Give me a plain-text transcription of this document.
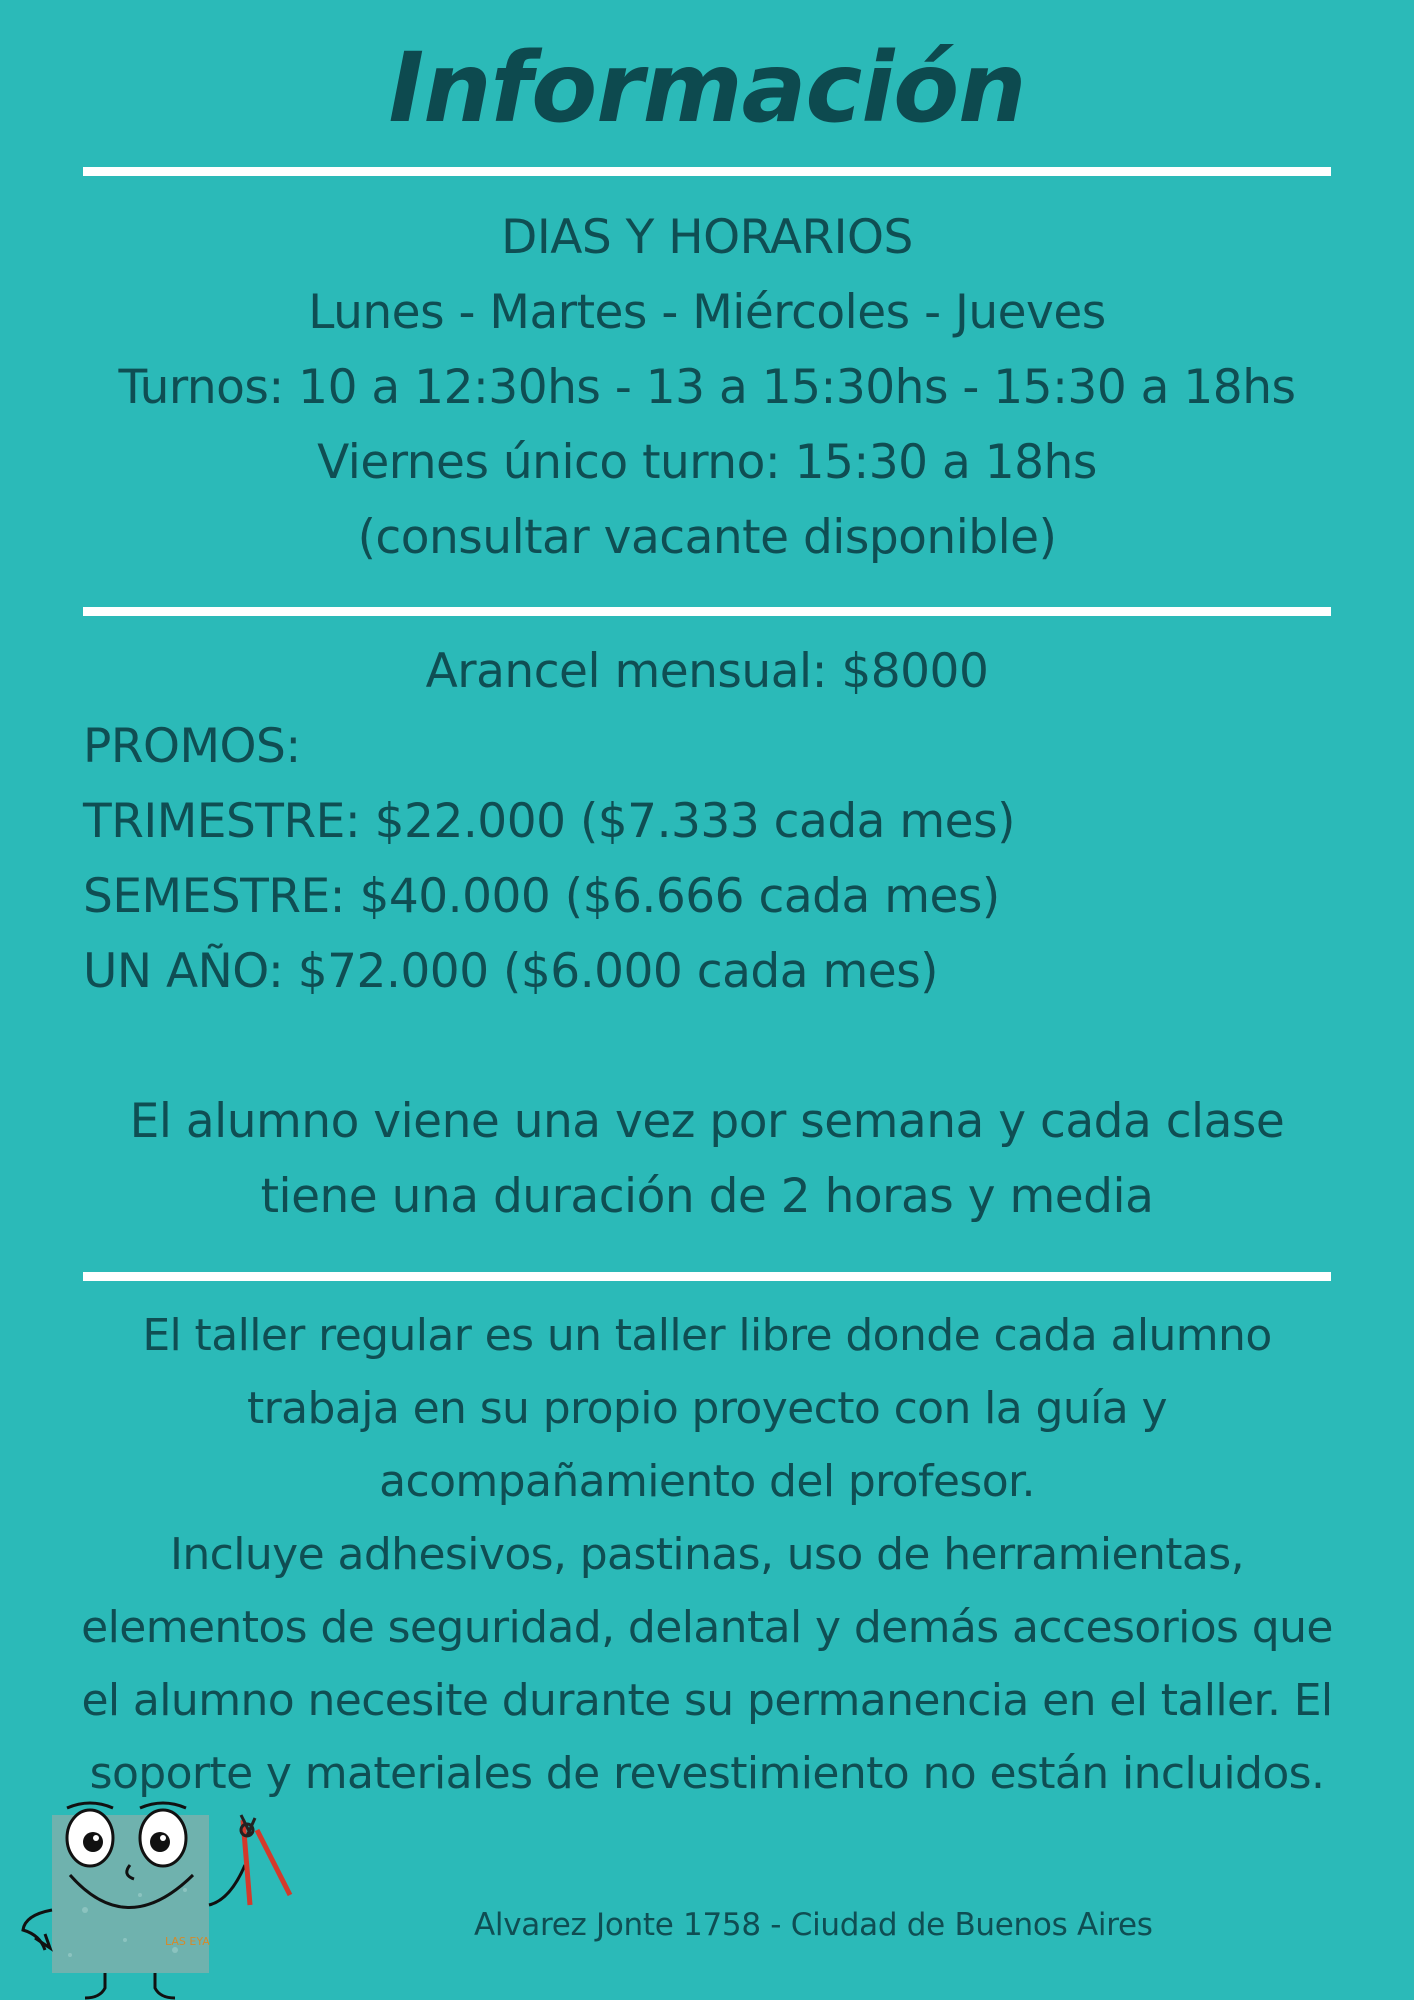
Información
DIAS Y HORARIOS
Lunes - Martes - Miércoles - Jueves
Turnos: 10 a 12:30hs - 13 a 15:30hs - 15:30 a 18hs
Viernes único turno: 15:30 a 18hs
(consultar vacante disponible)
Arancel mensual: $8000
PROMOS:
TRIMESTRE: $22.000 ($7.333 cada mes)
SEMESTRE: $40.000 ($6.666 cada mes)
UN AÑO: $72.000 ($6.000 cada mes)
El alumno viene una vez por semana y cada clase
tiene una duración de 2 horas y media
El taller regular es un taller libre donde cada alumno
trabaja en su propio proyecto con la guía y
acompañamiento del profesor.
Incluye adhesivos, pastinas, uso de herramientas,
elementos de seguridad, delantal y demás accesorios que
el alumno necesite durante su permanencia en el taller. El
soporte y materiales de revestimiento no están incluidos.
LAS EYA	Alvarez Jonte 1758 - Ciudad de Buenos Aires
